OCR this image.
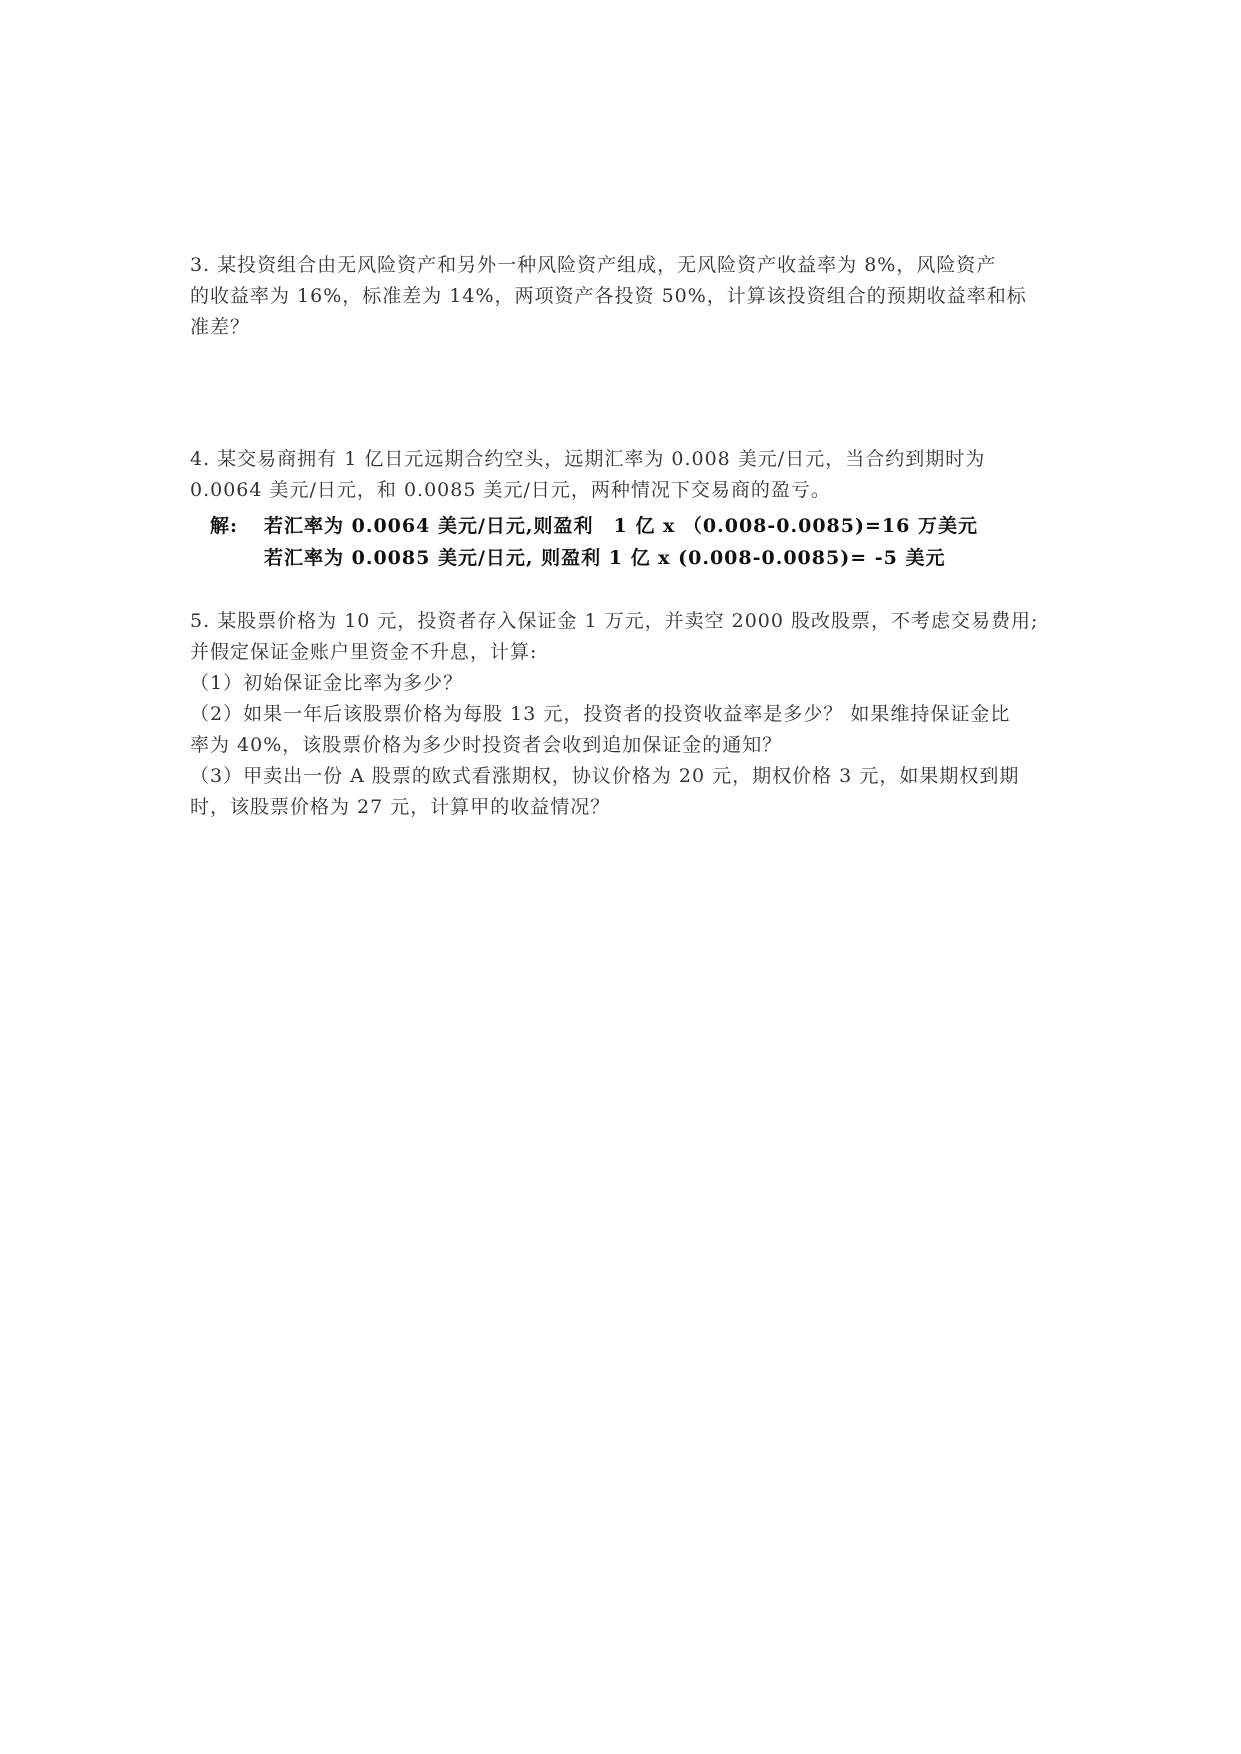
3. 某投资组合由无风险资产和另外一种风险资产组成，无风险资产收益率为 8%，风险资产
的收益率为 16%，标准差为 14%，两项资产各投资 50%，计算该投资组合的预期收益率和标
准差？
4. 某交易商拥有 1 亿日元远期合约空头，远期汇率为 0.008 美元/日元，当合约到期时为
0.0064 美元/日元，和 0.0085 美元/日元，两种情况下交易商的盈亏。
解: 若汇率为 0.0064 美元/日元,则盈利　1 亿 x （0.008-0.0085)=16 万美元
若汇率为 0.0085 美元/日元, 则盈利 1 亿 x (0.008-0.0085)= -5 美元
5. 某股票价格为 10 元，投资者存入保证金 1 万元，并卖空 2000 股改股票，不考虑交易费用;
并假定保证金账户里资金不升息，计算:
（1）初始保证金比率为多少？
（2）如果一年后该股票价格为每股 13 元，投资者的投资收益率是多少？ 如果维持保证金比
率为 40%，该股票价格为多少时投资者会收到追加保证金的通知？
（3）甲卖出一份 A 股票的欧式看涨期权，协议价格为 20 元，期权价格 3 元，如果期权到期
时，该股票价格为 27 元，计算甲的收益情况？
